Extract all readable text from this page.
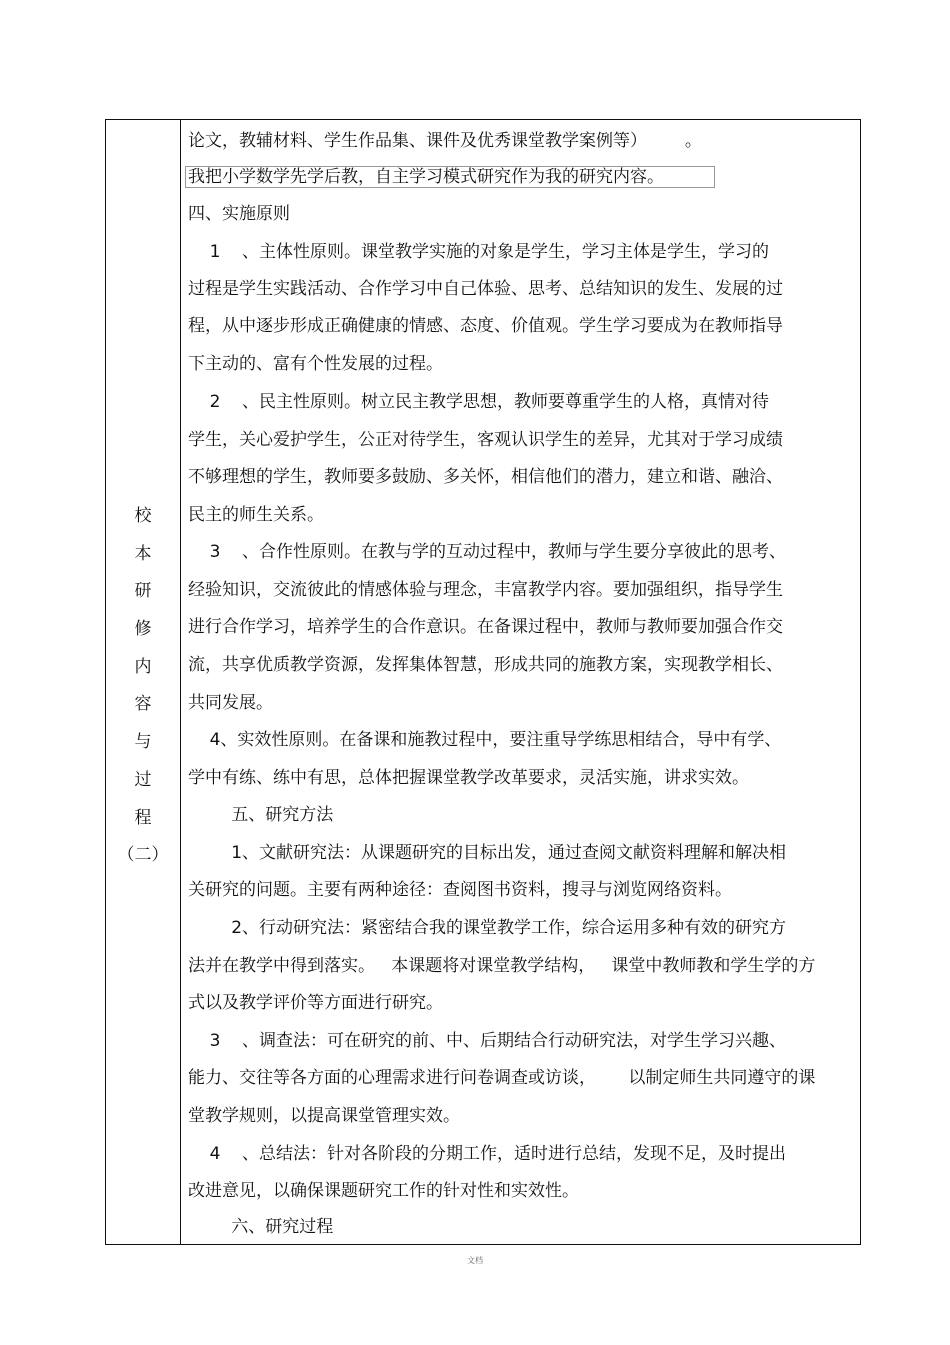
校
本
研
修
内
容
与
过
程
（二）
论文，教辅材料、学生作品集、课件及优秀课堂教学案例等）       。
我把小学数学先学后教，自主学习模式研究作为我的研究内容。
四、实施原则
1    、主体性原则。课堂教学实施的对象是学生，学习主体是学生，学习的
过程是学生实践活动、合作学习中自己体验、思考、总结知识的发生、发展的过
程，从中逐步形成正确健康的情感、态度、价值观。学生学习要成为在教师指导
下主动的、富有个性发展的过程。
2    、民主性原则。树立民主教学思想，教师要尊重学生的人格，真情对待
学生，关心爱护学生，公正对待学生，客观认识学生的差异，尤其对于学习成绩
不够理想的学生，教师要多鼓励、多关怀，相信他们的潜力，建立和谐、融洽、
民主的师生关系。
3    、合作性原则。在教与学的互动过程中，教师与学生要分享彼此的思考、
经验知识，交流彼此的情感体验与理念，丰富教学内容。要加强组织，指导学生
进行合作学习，培养学生的合作意识。在备课过程中，教师与教师要加强合作交
流，共享优质教学资源，发挥集体智慧，形成共同的施教方案，实现教学相长、
共同发展。
4、实效性原则。在备课和施教过程中，要注重导学练思相结合，导中有学、
学中有练、练中有思，总体把握课堂教学改革要求，灵活实施，讲求实效。
五、研究方法
1、文献研究法：从课题研究的目标出发，通过查阅文献资料理解和解决相
关研究的问题。主要有两种途径：查阅图书资料，搜寻与浏览网络资料。
2、行动研究法：紧密结合我的课堂教学工作，综合运用多种有效的研究方
法并在教学中得到落实。   本课题将对课堂教学结构，   课堂中教师教和学生学的方
式以及教学评价等方面进行研究。
3    、调查法：可在研究的前、中、后期结合行动研究法，对学生学习兴趣、
能力、交往等各方面的心理需求进行问卷调查或访谈，      以制定师生共同遵守的课
堂教学规则，以提高课堂管理实效。
4    、总结法：针对各阶段的分期工作，适时进行总结，发现不足，及时提出
改进意见，以确保课题研究工作的针对性和实效性。
六、研究过程
文档
